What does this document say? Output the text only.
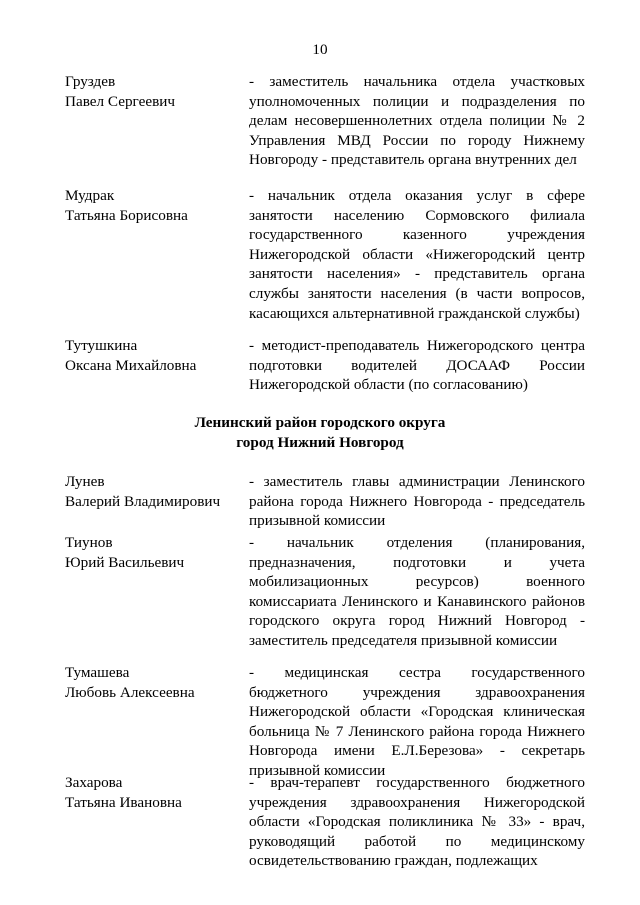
10
Груздев
Павел Сергеевич
- заместитель начальника отдела участковых уполномоченных полиции и подразделения по делам несовершеннолетних отдела полиции № 2 Управления МВД России по городу Нижнему Новгороду - представитель органа внутренних дел
Мудрак
Татьяна Борисовна
- начальник отдела оказания услуг в сфере занятости населению Сормовского филиала государственного казенного учреждения Нижегородской области «Нижегородский центр занятости населения» - представитель органа службы занятости населения (в части вопросов, касающихся альтернативной гражданской службы)
Тутушкина
Оксана Михайловна
- методист-преподаватель Нижегородского центра подготовки водителей ДОСААФ России Нижегородской области (по согласованию)
Ленинский район городского округа
город Нижний Новгород
Лунев
Валерий Владимирович
- заместитель главы администрации Ленинского района города Нижнего Новгорода - председатель призывной комиссии
Тиунов
Юрий Васильевич
- начальник отделения (планирования, предназначения, подготовки и учета мобилизационных ресурсов) военного комиссариата Ленинского и Канавинского районов городского округа город Нижний Новгород - заместитель председателя призывной комиссии
Тумашева
Любовь Алексеевна
- медицинская сестра государственного бюджетного учреждения здравоохранения Нижегородской области «Городская клиническая больница № 7 Ленинского района города Нижнего Новгорода имени Е.Л.Березова» - секретарь призывной комиссии
Захарова
Татьяна Ивановна
- врач-терапевт государственного бюджетного учреждения здравоохранения Нижегородской области «Городская поликлиника № 33» - врач, руководящий работой по медицинскому освидетельствованию граждан, подлежащих
